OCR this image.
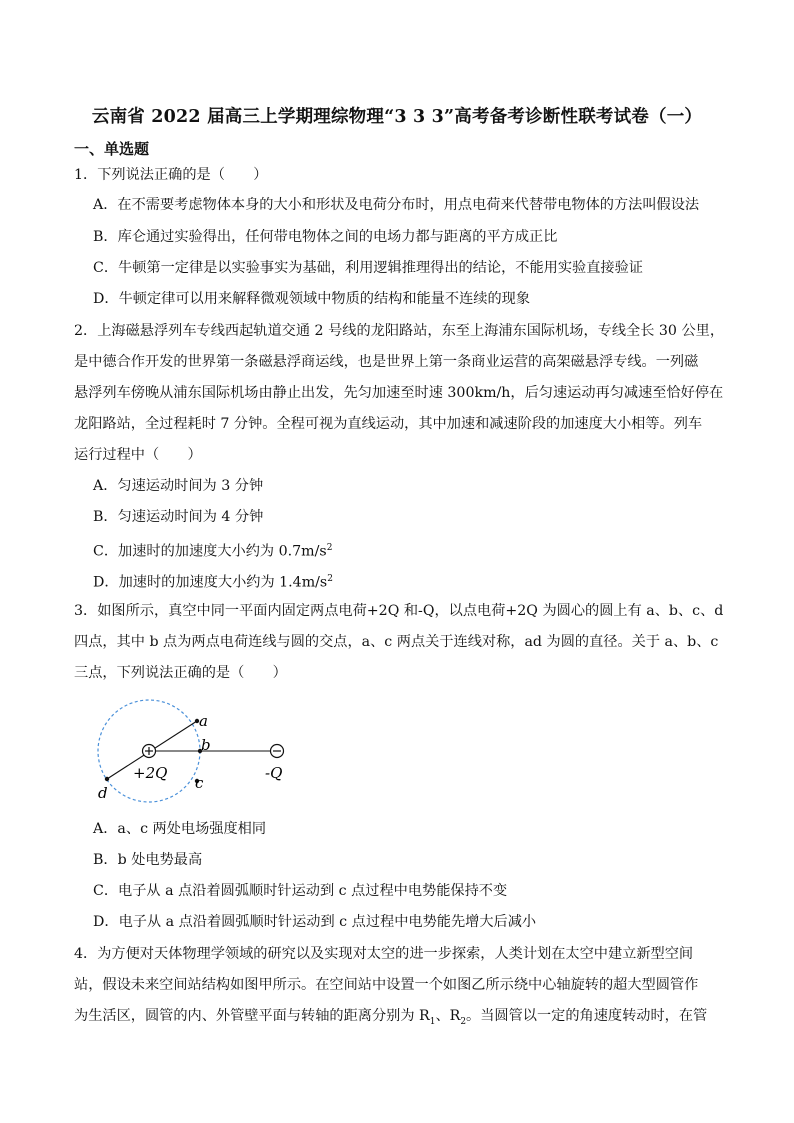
云南省 2022 届高三上学期理综物理“3 3 3”高考备考诊断性联考试卷（一）
一、单选题
1．下列说法正确的是（　　）
A．在不需要考虑物体本身的大小和形状及电荷分布时，用点电荷来代替带电物体的方法叫假设法
B．库仑通过实验得出，任何带电物体之间的电场力都与距离的平方成正比
C．牛顿第一定律是以实验事实为基础，利用逻辑推理得出的结论，不能用实验直接验证
D．牛顿定律可以用来解释微观领域中物质的结构和能量不连续的现象
2．上海磁悬浮列车专线西起轨道交通 2 号线的龙阳路站，东至上海浦东国际机场，专线全长 30 公里，
是中德合作开发的世界第一条磁悬浮商运线，也是世界上第一条商业运营的高架磁悬浮专线。一列磁
悬浮列车傍晚从浦东国际机场由静止出发，先匀加速至时速 300km/h，后匀速运动再匀减速至恰好停在
龙阳路站，全过程耗时 7 分钟。全程可视为直线运动，其中加速和减速阶段的加速度大小相等。列车
运行过程中（　　）
A．匀速运动时间为 3 分钟
B．匀速运动时间为 4 分钟
C．加速时的加速度大小约为 $0.7m/s^2$
D．加速时的加速度大小约为 $1.4m/s^2$
3．如图所示，真空中同一平面内固定两点电荷+2Q 和-Q，以点电荷+2Q 为圆心的圆上有 a、b、c、d
四点，其中 b 点为两点电荷连线与圆的交点，a、c 两点关于连线对称，ad 为圆的直径。关于 a、b、c
三点，下列说法正确的是（　　）
a
b
c
d
+2Q	-Q
A．a、c 两处电场强度相同
B．b 处电势最高
C．电子从 a 点沿着圆弧顺时针运动到 c 点过程中电势能保持不变
D．电子从 a 点沿着圆弧顺时针运动到 c 点过程中电势能先增大后减小
4．为方便对天体物理学领域的研究以及实现对太空的进一步探索，人类计划在太空中建立新型空间
站，假设未来空间站结构如图甲所示。在空间站中设置一个如图乙所示绕中心轴旋转的超大型圆管作
为生活区，圆管的内、外管壁平面与转轴的距离分别为 $R_1$、$R_2$。当圆管以一定的角速度转动时，在管
